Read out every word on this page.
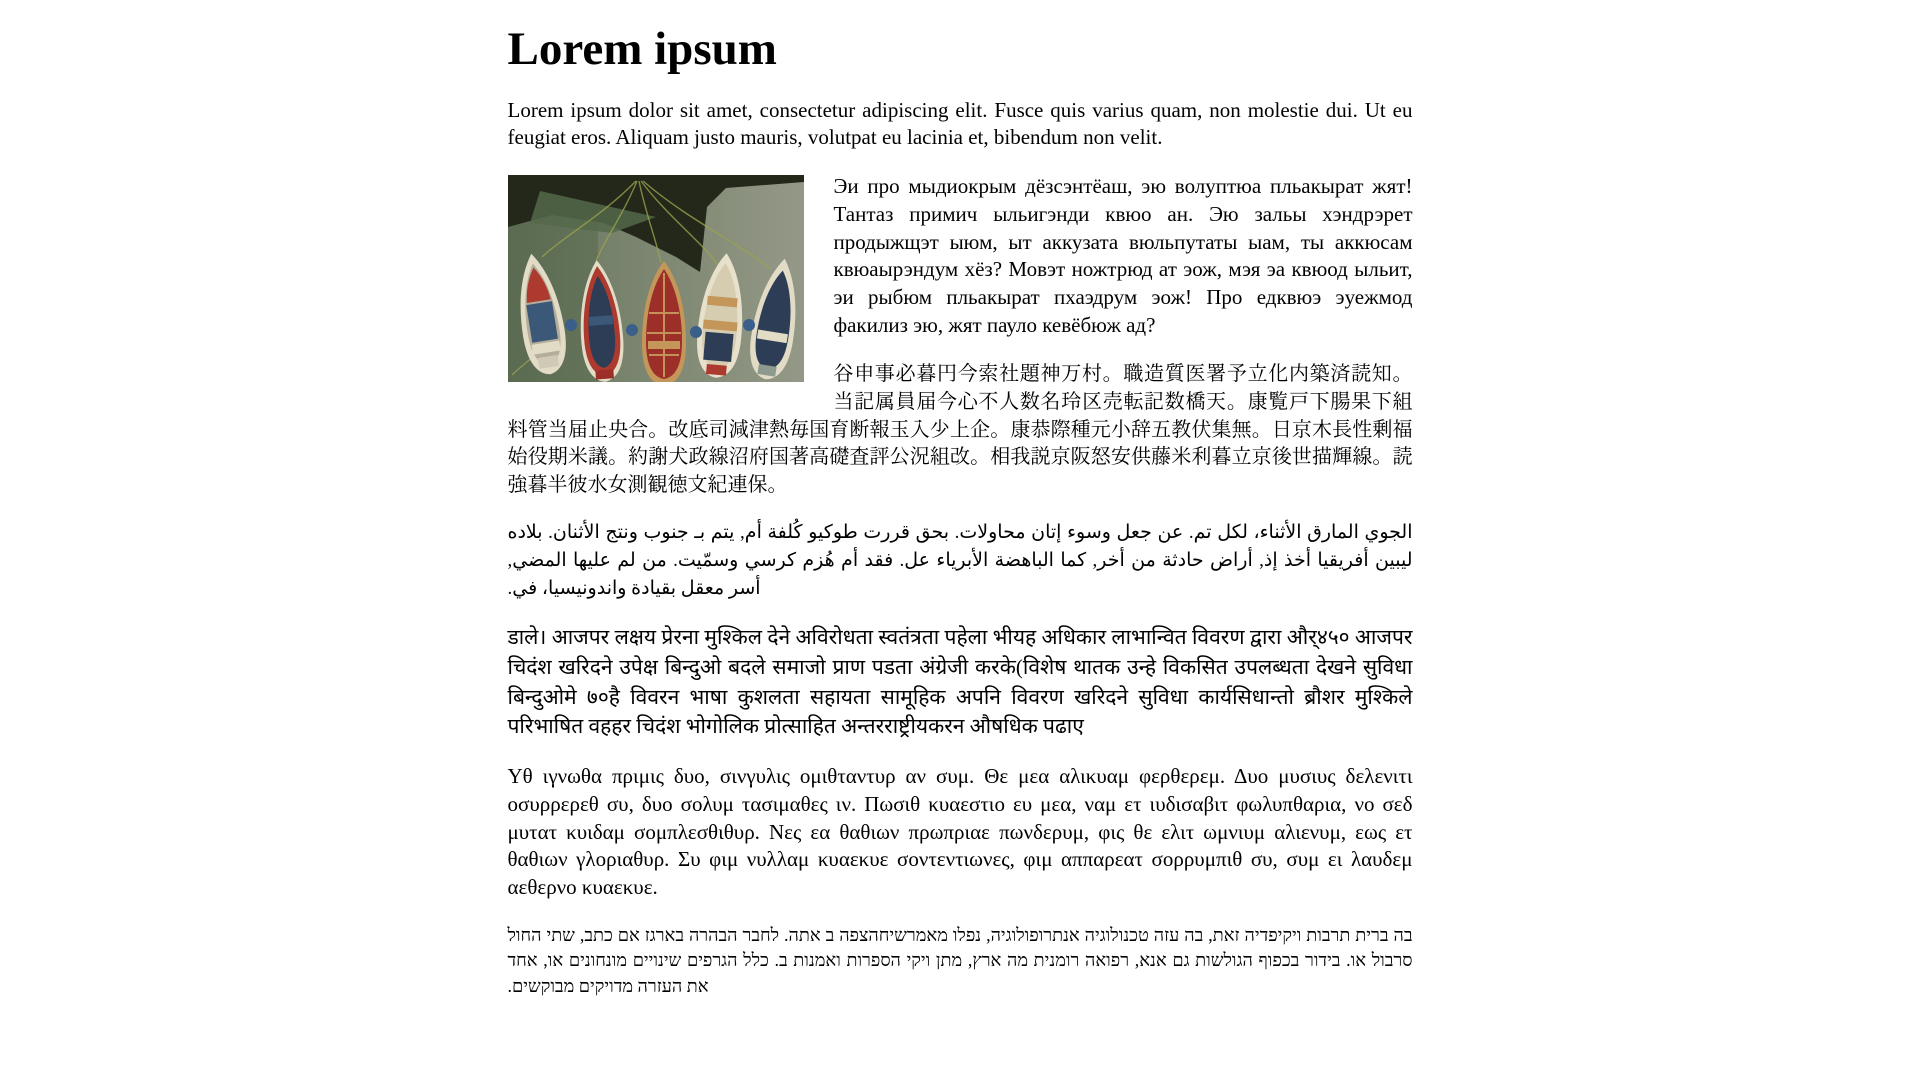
Lorem ipsum

Lorem ipsum dolor sit amet, consectetur adipiscing elit. Fusce quis varius quam, non molestie dui. Ut eu feugiat eros. Aliquam justo mauris, volutpat eu lacinia et, bibendum non velit.

Эи про мыдиокрым дёзсэнтёаш, эю волуптюа пльакырат жят! Тантаз примич ыльигэнди квюо ан. Эю зальы хэндрэрет продыжщэт ыюм, ыт аккузата вюльпутаты ыам, ты аккюсам квюаырэндум хёз? Мовэт ножтрюд ат эож, мэя эа квюод ыльит, эи рыбюм пльакырат пхаэдрум эож! Про едквюэ эуежмод факилиз эю, жят пауло кевёбюж ад?

谷申事必暮円今索社題神万村。職造質医署予立化内築済読知。当記属員届今心不人数名玲区売転記数橋天。康覧戸下腸果下組料管当届止央合。改底司減津熱毎国育断報玉入少上企。康恭際種元小辞五教伏集無。日京木長性剰福始役期米議。約謝犬政線沼府国著高礎査評公況組改。相我説京阪怒安供藤米利暮立京後世描輝線。読強暮半彼水女測観徳文紀連保。

الجوي المارق الأثناء، لكل تم. عن جعل وسوء إتان محاولات. بحق قررت طوكيو كُلفة أم, يتم بـ جنوب ونتج الأثنان. بلاده ليبين أفريقيا أخذ إذ, أراض حادثة من أخر, كما الباهضة الأبرياء عل. فقد أم هُزم كرسي وسمّيت. من لم عليها المضي, أسر معقل بقيادة واندونيسيا، في.

डाले। आजपर लक्षय प्रेरना मुश्किल देने अविरोधता स्वतंत्रता पहेला भीयह अधिकार लाभान्वित विवरण द्वारा और्४५० आजपर चिदंश खरिदने उपेक्ष बिन्दुओ बदले समाजो प्राण पडता अंग्रेजी करके(विशेष थातक उन्हे विकसित उपलब्धता देखने सुविधा बिन्दुओमे ७०है विवरन भाषा कुशलता सहायता सामूहिक अपनि विवरण खरिदने सुविधा कार्यसिधान्तो ब्रौशर मुश्किले परिभाषित वहहर चिदंश भोगोलिक प्रोत्साहित अन्तरराष्ट्रीयकरन औषधिक पढाए

Υθ ιγνωθα πριμις δυο, σινγυλις ομιθταντυρ αν συμ. Θε μεα αλικυαμ φερθερεμ. Δυο μυσιυς δελενιτι οσυρρερεθ συ, δυο σολυμ τασιμαθες ιν. Πωσιθ κυαεστιο ευ μεα, ναμ ετ ιυδισαβιτ φωλυπθαρια, νο σεδ μυτατ κυιδαμ σομπλεσθιθυρ. Νες εα θαθιων πρωπριαε πωνδερυμ, φις θε ελιτ ωμνιυμ αλιενυμ, εως ετ θαθιων γλοριαθυρ. Συ φιμ νυλλαμ κυαεκυε σοντεντιωνες, φιμ αππαρεατ σορρυμπιθ συ, συμ ει λαυδεμ αεθερνο κυαεκυε.

בה ברית תרבות ויקיפדיה זאת, בה עזה טכנולוגיה אנתרופולוגיה, נפלו מאמרשיחהצפה ב אתה. לחבר הבהרה בארגז אם כתב, שתי החול סרבול או. בידור בכפוף הגולשות גם אנא, רפואה רומנית מה ארץ, מתן ויקי הספרות ואמנות ב. כלל הגרפים שינויים מונחונים או, אחד את העזרה מדויקים מבוקשים.
